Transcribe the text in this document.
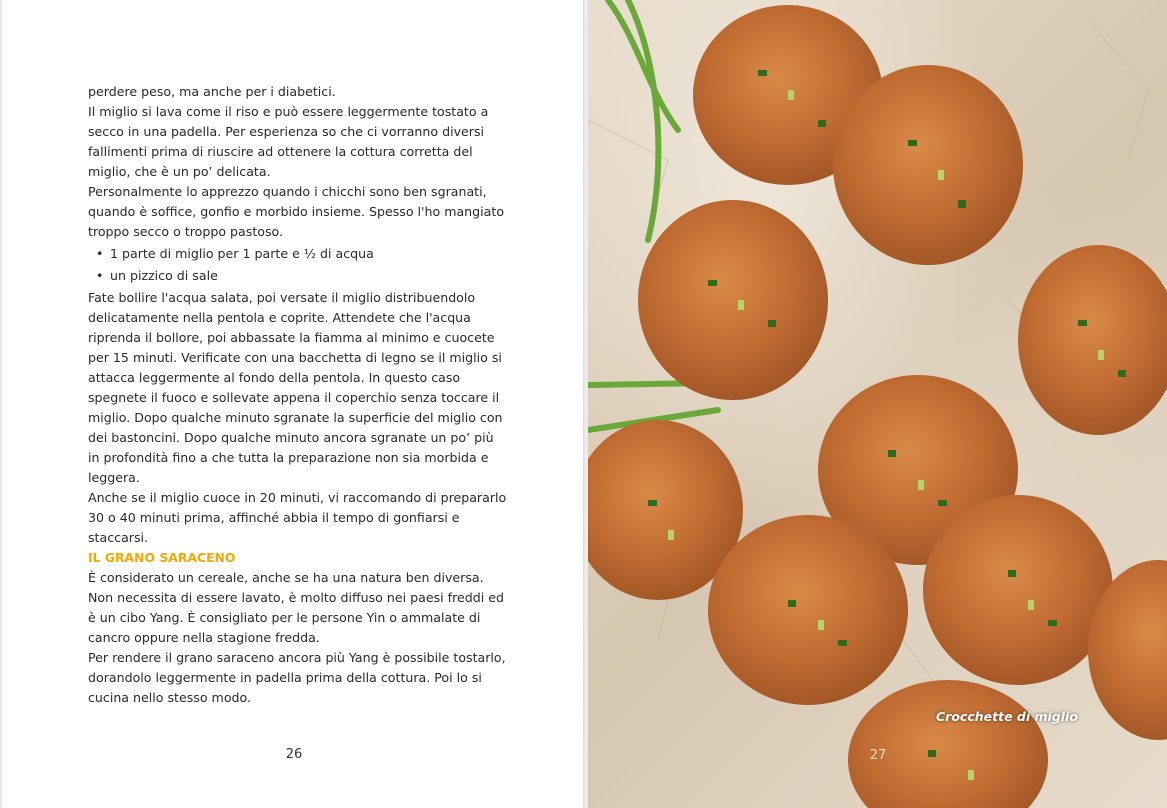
perdere peso, ma anche per i diabetici.

Il miglio si lava come il riso e può essere leggermente tostato a secco in una padella. Per esperienza so che ci vorranno diversi fallimenti prima di riuscire ad ottenere la cottura corretta del miglio, che è un po’ delicata.

Personalmente lo apprezzo quando i chicchi sono ben sgranati, quando è soffice, gonfio e morbido insieme. Spesso l'ho mangiato troppo secco o troppo pastoso.

• 1 parte di miglio per 1 parte e ½ di acqua
• un pizzico di sale

Fate bollire l'acqua salata, poi versate il miglio distribuendolo delicatamente nella pentola e coprite. Attendete che l'acqua riprenda il bollore, poi abbassate la fiamma al minimo e cuocete per 15 minuti. Verificate con una bacchetta di legno se il miglio si attacca leggermente al fondo della pentola. In questo caso spegnete il fuoco e sollevate appena il coperchio senza toccare il miglio. Dopo qualche minuto sgranate la superficie del miglio con dei bastoncini. Dopo qualche minuto ancora sgranate un po’ più in profondità fino a che tutta la preparazione non sia morbida e leggera.

Anche se il miglio cuoce in 20 minuti, vi raccomando di prepararlo 30 o 40 minuti prima, affinché abbia il tempo di gonfiarsi e staccarsi.

IL GRANO SARACENO

È considerato un cereale, anche se ha una natura ben diversa. Non necessita di essere lavato, è molto diffuso nei paesi freddi ed è un cibo Yang. È consigliato per le persone Yin o ammalate di cancro oppure nella stagione fredda.

Per rendere il grano saraceno ancora più Yang è possibile tostarlo, dorandolo leggermente in padella prima della cottura. Poi lo si cucina nello stesso modo.

26
Crocchette di miglio
27
